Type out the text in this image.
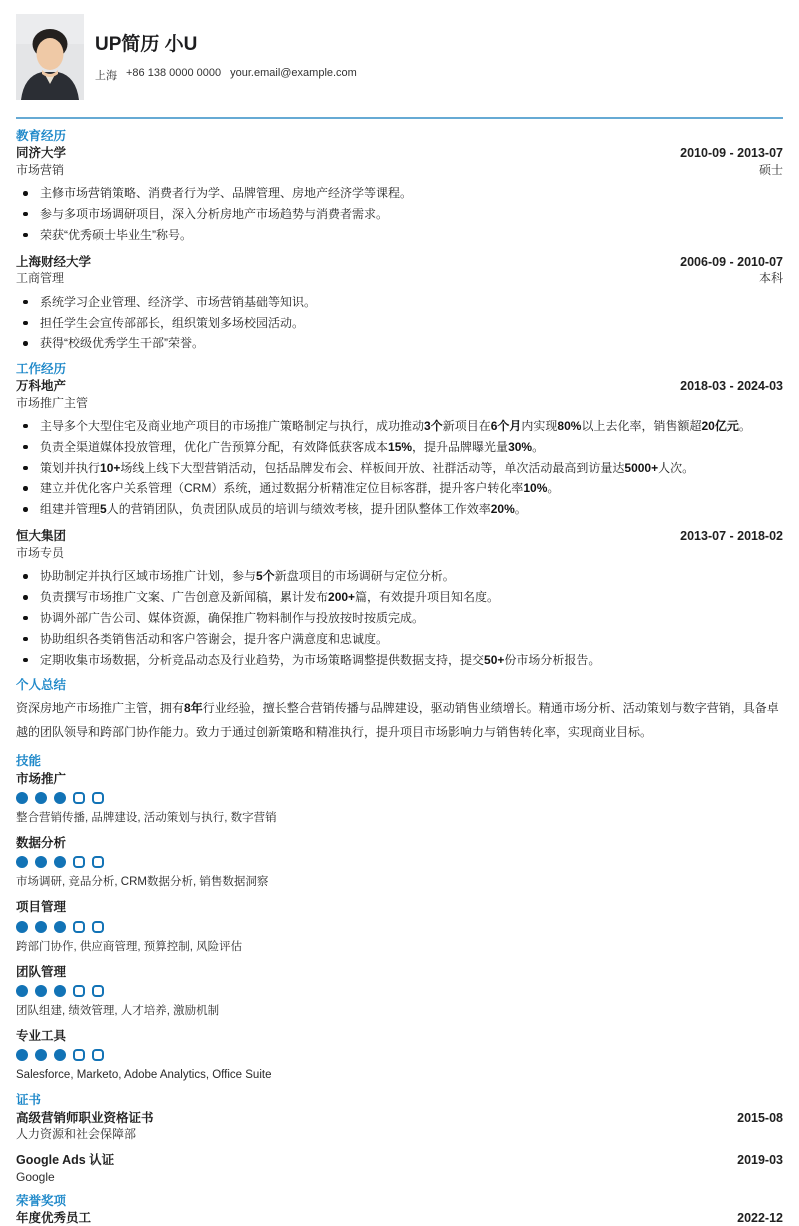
UP简历 小U
上海 +86 138 0000 0000 your.email@example.com
教育经历
同济大学
市场营销
2010-09 - 2013-07
硕士
主修市场营销策略、消费者行为学、品牌管理、房地产经济学等课程。
参与多项市场调研项目，深入分析房地产市场趋势与消费者需求。
荣获“优秀硕士毕业生”称号。
上海财经大学
工商管理
2006-09 - 2010-07
本科
系统学习企业管理、经济学、市场营销基础等知识。
担任学生会宣传部部长，组织策划多场校园活动。
获得“校级优秀学生干部”荣誉。
工作经历
万科地产
市场推广主管
2018-03 - 2024-03
主导多个大型住宅及商业地产项目的市场推广策略制定与执行，成功推动3个新项目在6个月内实现80%以上去化率，销售额超20亿元。
负责全渠道媒体投放管理，优化广告预算分配，有效降低获客成本15%，提升品牌曝光量30%。
策划并执行10+场线上线下大型营销活动，包括品牌发布会、样板间开放、社群活动等，单次活动最高到访量达5000+人次。
建立并优化客户关系管理（CRM）系统，通过数据分析精准定位目标客群，提升客户转化率10%。
组建并管理5人的营销团队，负责团队成员的培训与绩效考核，提升团队整体工作效率20%。
恒大集团
市场专员
2013-07 - 2018-02
协助制定并执行区域市场推广计划，参与5个新盘项目的市场调研与定位分析。
负责撰写市场推广文案、广告创意及新闻稿，累计发布200+篇，有效提升项目知名度。
协调外部广告公司、媒体资源，确保推广物料制作与投放按时按质完成。
协助组织各类销售活动和客户答谢会，提升客户满意度和忠诚度。
定期收集市场数据，分析竞品动态及行业趋势，为市场策略调整提供数据支持，提交50+份市场分析报告。
个人总结

资深房地产市场推广主管，拥有8年行业经验，擅长整合营销传播与品牌建设，驱动销售业绩增长。精通市场分析、活动策划与数字营销，具备卓越的团队领导和跨部门协作能力。致力于通过创新策略和精准执行，提升项目市场影响力与销售转化率，实现商业目标。

技能
市场推广
整合营销传播, 品牌建设, 活动策划与执行, 数字营销
数据分析
市场调研, 竞品分析, CRM数据分析, 销售数据洞察
项目管理
跨部门协作, 供应商管理, 预算控制, 风险评估
团队管理
团队组建, 绩效管理, 人才培养, 激励机制
专业工具
Salesforce, Marketo, Adobe Analytics, Office Suite
证书
高级营销师职业资格证书
人力资源和社会保障部
2015-08
Google Ads 认证
Google
2019-03
荣誉奖项
年度优秀员工	2022-12
